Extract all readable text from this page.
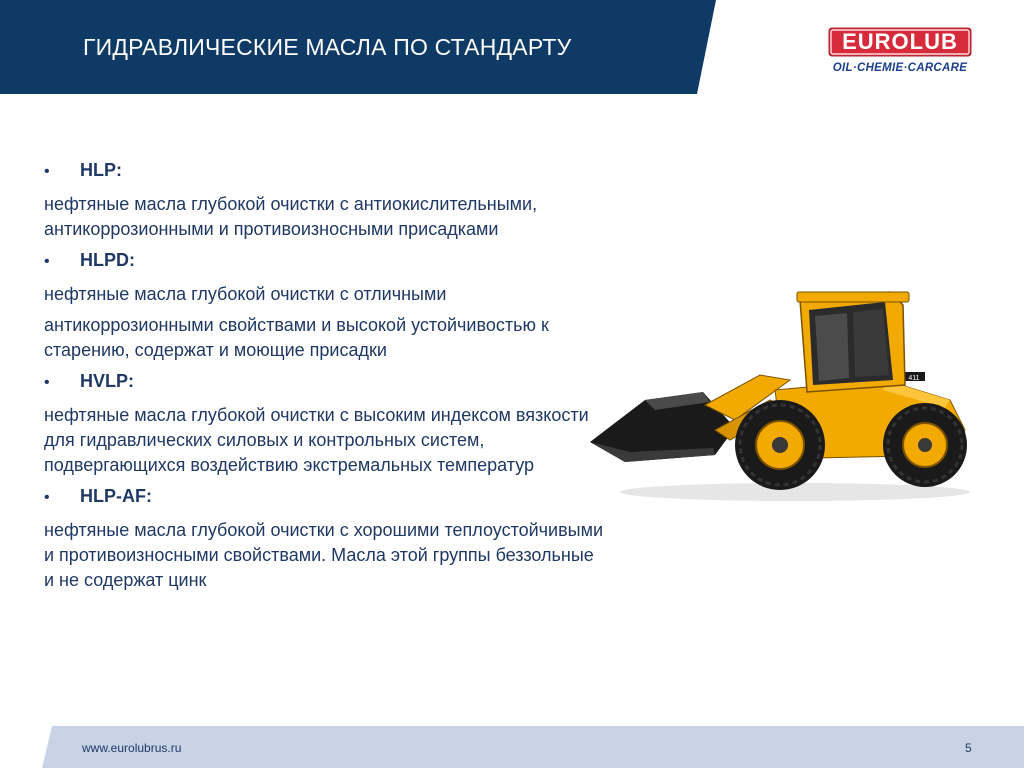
ГИДРАВЛИЧЕСКИЕ МАСЛА ПО СТАНДАРТУ	EUROLUB
OIL·CHEMIE·CARCARE
•	HLP:

нефтяные масла глубокой очистки с антиокислительными, антикоррозионными и противоизносными присадками

•	HLPD:

нефтяные масла глубокой очистки с отличными

антикоррозионными свойствами и высокой устойчивостью к старению, содержат и моющие присадки

•	HVLP:

нефтяные масла глубокой очистки с высоким индексом вязкости для гидравлических силовых и контрольных систем, подвергающихся воздействию экстремальных температур

•	HLP-AF:

нефтяные масла глубокой очистки с хорошими теплоустойчивыми и противоизносными свойствами. Масла этой группы беззольные и не содержат цинк

411
www.eurolubrus.ru	5
